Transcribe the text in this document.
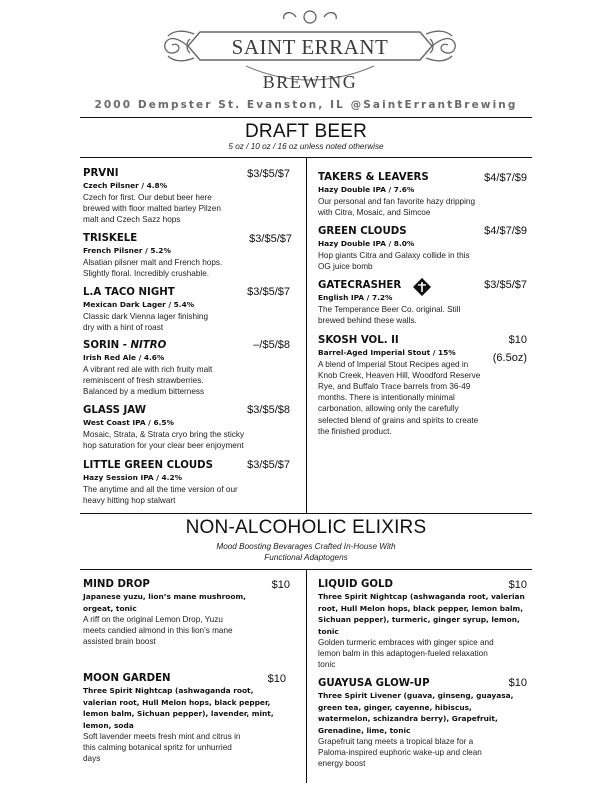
SAINT ERRANT
BREWING
2000 Dempster St. Evanston, IL @SaintErrantBrewing
DRAFT BEER
5 oz / 10 oz / 16 oz unless noted otherwise
PRVNI
Czech Pilsner / 4.8%
Czech for first. Our debut beer here
brewed with floor malted barley Pilzen
malt and Czech Sazz hops
$3/$5/$7
TRISKELE
French Pilsner / 5.2%
Alsatian pilsner malt and French hops.
Slightly floral. Incredibly crushable.
$3/$5/$7
L.A TACO NIGHT
Mexican Dark Lager / 5.4%
Classic dark Vienna lager finishing
dry with a hint of roast
$3/$5/$7
SORIN - NITRO
Irish Red Ale / 4.6%
A vibrant red ale with rich fruity malt
reminiscent of fresh strawberries.
Balanced by a medium bitterness
–/$5/$8
GLASS JAW
West Coast IPA / 6.5%
Mosaic, Strata, & Strata cryo bring the sticky
hop saturation for your clear beer enjoyment
$3/$5/$8
LITTLE GREEN CLOUDS
Hazy Session IPA / 4.2%
The anytime and all the time version of our
heavy hitting hop stalwart
$3/$5/$7
TAKERS & LEAVERS
Hazy Double IPA / 7.6%
Our personal and fan favorite hazy dripping
with Citra, Mosaic, and Simcoe
$4/$7/$9
GREEN CLOUDS
Hazy Double IPA / 8.0%
Hop giants Citra and Galaxy collide in this
OG juice bomb
$4/$7/$9
GATECRASHER
English IPA / 7.2%
The Temperance Beer Co. original. Still
brewed behind these walls.
$3/$5/$7
SKOSH VOL. II
Barrel-Aged Imperial Stout / 15%
A blend of Imperial Stout Recipes aged in
Knob Creek, Heaven Hill, Woodford Reserve
Rye, and Buffalo Trace barrels from 36-49
months. There is intentionally minimal
carbonation, allowing only the carefully
selected blend of grains and spirits to create
the finished product.
$10
(6.5oz)
NON-ALCOHOLIC ELIXIRS
Mood Boosting Bevarages Crafted In-House With
Functional Adaptogens
MIND DROP
Japanese yuzu, lion’s mane mushroom,
orgeat, tonic
A riff on the original Lemon Drop, Yuzu
meets candied almond in this lion’s mane
assisted brain boost
$10
MOON GARDEN
Three Spirit Nightcap (ashwaganda root,
valerian root, Hull Melon hops, black pepper,
lemon balm, Sichuan pepper), lavender, mint,
lemon, soda
Soft lavender meets fresh mint and citrus in
this calming botanical spritz for unhurried
days
$10
LIQUID GOLD
Three Spirit Nightcap (ashwaganda root, valerian
root, Hull Melon hops, black pepper, lemon balm,
Sichuan pepper), turmeric, ginger syrup, lemon,
tonic
Golden turmeric embraces with ginger spice and
lemon balm in this adaptogen-fueled relaxation
tonic
$10
GUAYUSA GLOW-UP
Three Spirit Livener (guava, ginseng, guayasa,
green tea, ginger, cayenne, hibiscus,
watermelon, schizandra berry), Grapefruit,
Grenadine, lime, tonic
Grapefruit tang meets a tropical blaze for a
Paloma-inspired euphoric wake-up and clean
energy boost
$10
